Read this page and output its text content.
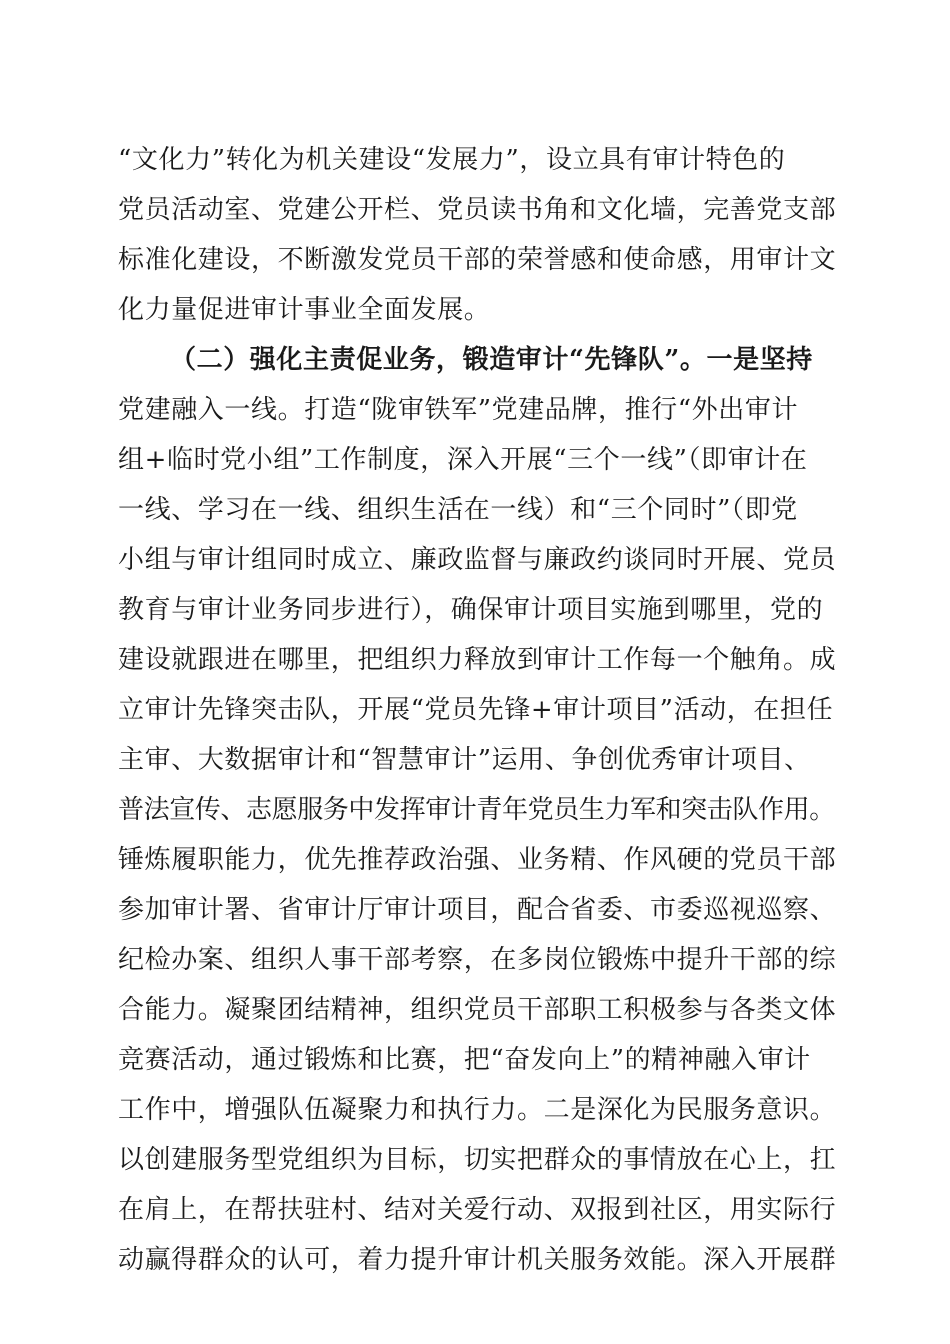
“文化力”转化为机关建设“发展力”，设立具有审计特色的
党员活动室、党建公开栏、党员读书角和文化墙，完善党支部
标准化建设，不断激发党员干部的荣誉感和使命感，用审计文
化力量促进审计事业全面发展。
（二）强化主责促业务，锻造审计“先锋队”。一是坚持
党建融入一线。打造“陇审铁军”党建品牌，推行“外出审计
组+临时党小组”工作制度，深入开展“三个一线”（即审计在
一线、学习在一线、组织生活在一线）和“三个同时”（即党
小组与审计组同时成立、廉政监督与廉政约谈同时开展、党员
教育与审计业务同步进行），确保审计项目实施到哪里，党的
建设就跟进在哪里，把组织力释放到审计工作每一个触角。成
立审计先锋突击队，开展“党员先锋+审计项目”活动，在担任
主审、大数据审计和“智慧审计”运用、争创优秀审计项目、
普法宣传、志愿服务中发挥审计青年党员生力军和突击队作用。
锤炼履职能力，优先推荐政治强、业务精、作风硬的党员干部
参加审计署、省审计厅审计项目，配合省委、市委巡视巡察、
纪检办案、组织人事干部考察，在多岗位锻炼中提升干部的综
合能力。凝聚团结精神，组织党员干部职工积极参与各类文体
竞赛活动，通过锻炼和比赛，把“奋发向上”的精神融入审计
工作中，增强队伍凝聚力和执行力。二是深化为民服务意识。
以创建服务型党组织为目标，切实把群众的事情放在心上，扛
在肩上，在帮扶驻村、结对关爱行动、双报到社区，用实际行
动赢得群众的认可，着力提升审计机关服务效能。深入开展群
